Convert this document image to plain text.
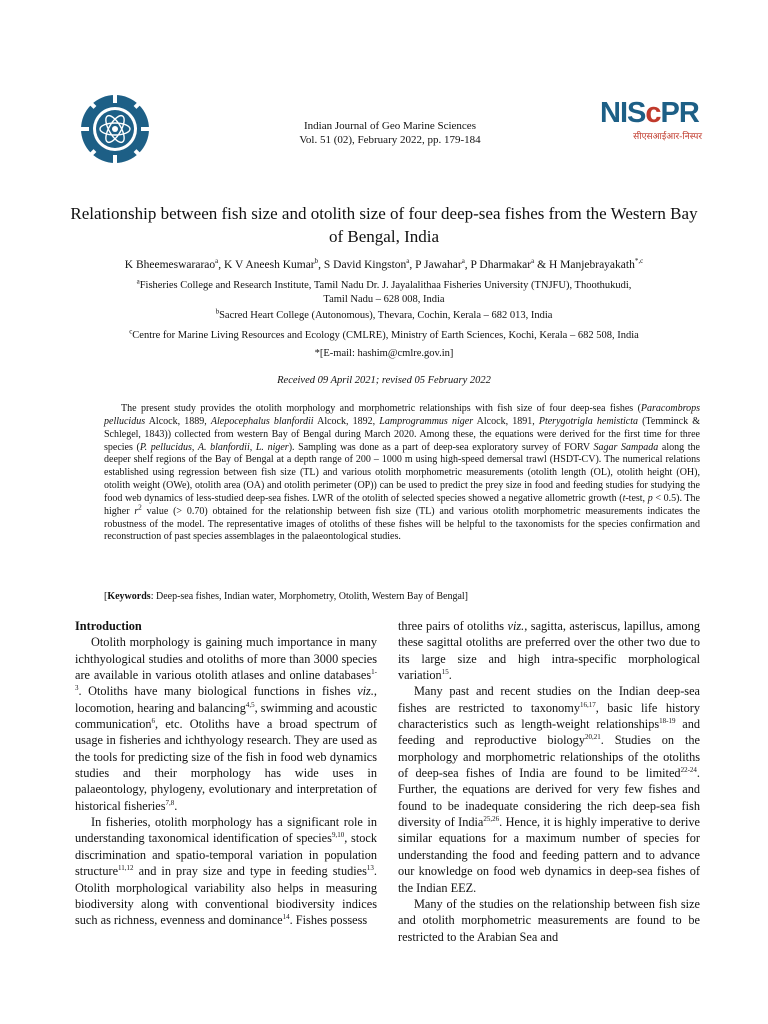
Indian Journal of Geo Marine Sciences
Vol. 51 (02), February 2022, pp. 179-184
NIScPR
सीएसआईआर-निस्पर
Relationship between fish size and otolith size of four deep-sea fishes from the Western Bay of Bengal, India
K Bheemeswararao$^a$, K V Aneesh Kumar$^b$, S David Kingston$^a$, P Jawahar$^a$, P Dharmakar$^a$ & H Manjebrayakath$^{*,c}$
$^a$Fisheries College and Research Institute, Tamil Nadu Dr. J. Jayalalithaa Fisheries University (TNJFU), Thoothukudi,
Tamil Nadu – 628 008, India
$^b$Sacred Heart College (Autonomous), Thevara, Cochin, Kerala – 682 013, India
$^c$Centre for Marine Living Resources and Ecology (CMLRE), Ministry of Earth Sciences, Kochi, Kerala – 682 508, India
*[E-mail: hashim@cmlre.gov.in]
Received 09 April 2021; revised 05 February 2022
The present study provides the otolith morphology and morphometric relationships with fish size of four deep-sea fishes (Paracombrops pellucidus Alcock, 1889, Alepocephalus blanfordii Alcock, 1892, Lamprogrammus niger Alcock, 1891, Pterygotrigla hemisticta (Temminck & Schlegel, 1843)) collected from western Bay of Bengal during March 2020. Among these, the equations were derived for the first time for three species (P. pellucidus, A. blanfordii, L. niger). Sampling was done as a part of deep-sea exploratory survey of FORV Sagar Sampada along the deeper shelf regions of the Bay of Bengal at a depth range of 200 – 1000 m using high-speed demersal trawl (HSDT-CV). The numerical relations established using regression between fish size (TL) and various otolith morphometric measurements (otolith length (OL), otolith height (OH), otolith weight (OWe), otolith area (OA) and otolith perimeter (OP)) can be used to predict the prey size in food and feeding studies for studying the food web dynamics of less-studied deep-sea fishes. LWR of the otolith of selected species showed a negative allometric growth (t-test, p < 0.5). The higher $r^2$ value (> 0.70) obtained for the relationship between fish size (TL) and various otolith morphometric measurements indicates the robustness of the model. The representative images of otoliths of these fishes will be helpful to the taxonomists for the species confirmation and reconstruction of past species assemblages in the palaeontological studies.
[Keywords: Deep-sea fishes, Indian water, Morphometry, Otolith, Western Bay of Bengal]
Introduction

Otolith morphology is gaining much importance in many ichthyological studies and otoliths of more than 3000 species are available in various otolith atlases and online databases$^{1-3}$. Otoliths have many biological functions in fishes viz., locomotion, hearing and balancing$^{4,5}$, swimming and acoustic communication$^6$, etc. Otoliths have a broad spectrum of usage in fisheries and ichthyology research. They are used as the tools for predicting size of the fish in food web dynamics studies and their morphology has wide uses in palaeontology, phylogeny, evolutionary and interpretation of historical fisheries$^{7,8}$.

In fisheries, otolith morphology has a significant role in understanding taxonomical identification of species$^{9,10}$, stock discrimination and spatio-temporal variation in population structure$^{11,12}$ and in pray size and type in feeding studies$^{13}$. Otolith morphological variability also helps in measuring biodiversity along with conventional biodiversity indices such as richness, evenness and dominance$^{14}$. Fishes possess

three pairs of otoliths viz., sagitta, asteriscus, lapillus, among these sagittal otoliths are preferred over the other two due to its large size and high intra-specific morphological variation$^{15}$.

Many past and recent studies on the Indian deep-sea fishes are restricted to taxonomy$^{16,17}$, basic life history characteristics such as length-weight relationships$^{18-19}$ and feeding and reproductive biology$^{20,21}$. Studies on the morphology and morphometric relationships of the otoliths of deep-sea fishes of India are found to be limited$^{22-24}$. Further, the equations are derived for very few fishes and found to be inadequate considering the rich deep-sea fish diversity of India$^{25,26}$. Hence, it is highly imperative to derive similar equations for a maximum number of species for understanding the food and feeding pattern and to advance our knowledge on food web dynamics in deep-sea fishes of the Indian EEZ.

Many of the studies on the relationship between fish size and otolith morphometric measurements are found to be restricted to the Arabian Sea and
